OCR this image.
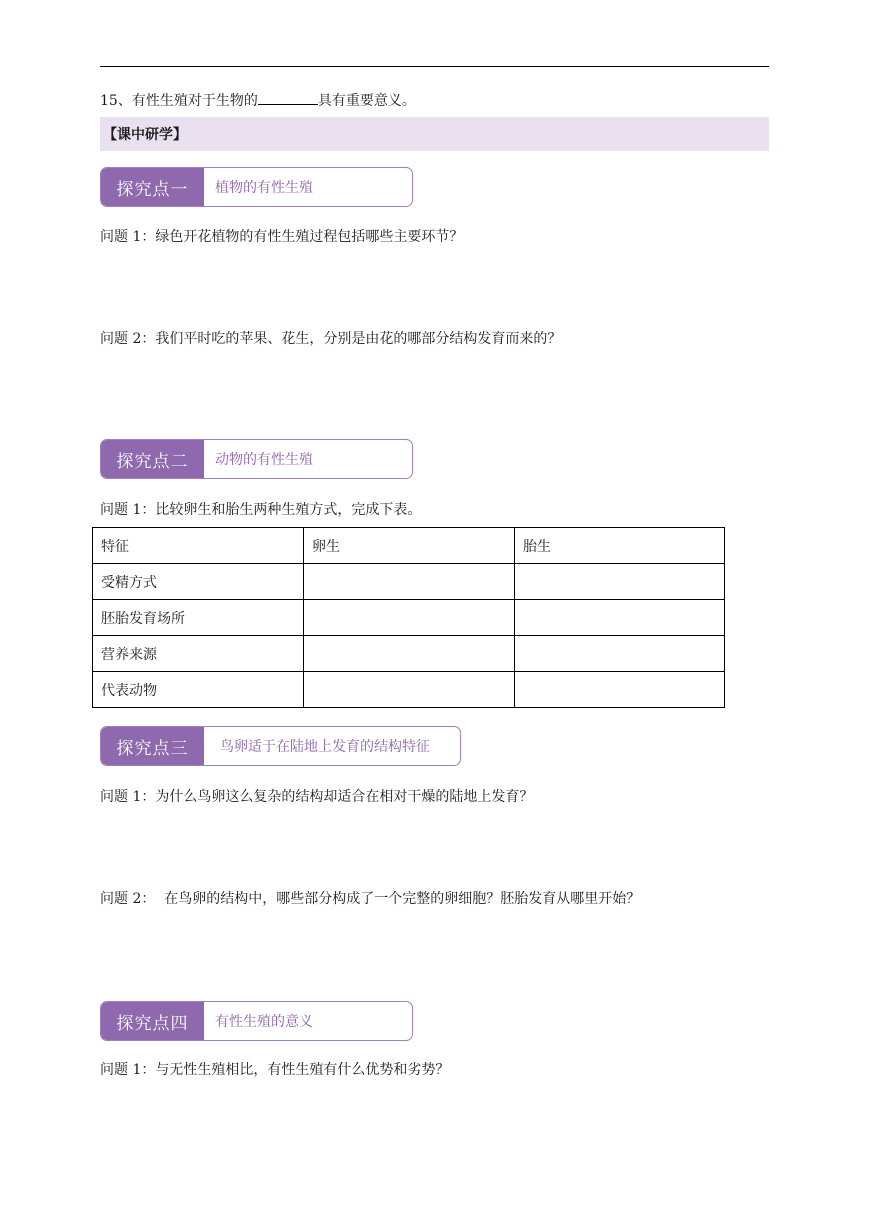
15、有性生殖对于生物的	具有重要意义。
【课中研学】
探究点一	植物的有性生殖
问题 1：绿色开花植物的有性生殖过程包括哪些主要环节？
问题 2：我们平时吃的苹果、花生，分别是由花的哪部分结构发育而来的？
探究点二	动物的有性生殖
问题 1：比较卵生和胎生两种生殖方式，完成下表。
特征	卵生	胎生
受精方式		
胚胎发育场所		
营养来源		
代表动物		
探究点三	鸟卵适于在陆地上发育的结构特征
问题 1：为什么鸟卵这么复杂的结构却适合在相对干燥的陆地上发育？
问题 2：  在鸟卵的结构中，哪些部分构成了一个完整的卵细胞？胚胎发育从哪里开始？
探究点四	有性生殖的意义
问题 1：与无性生殖相比，有性生殖有什么优势和劣势？
